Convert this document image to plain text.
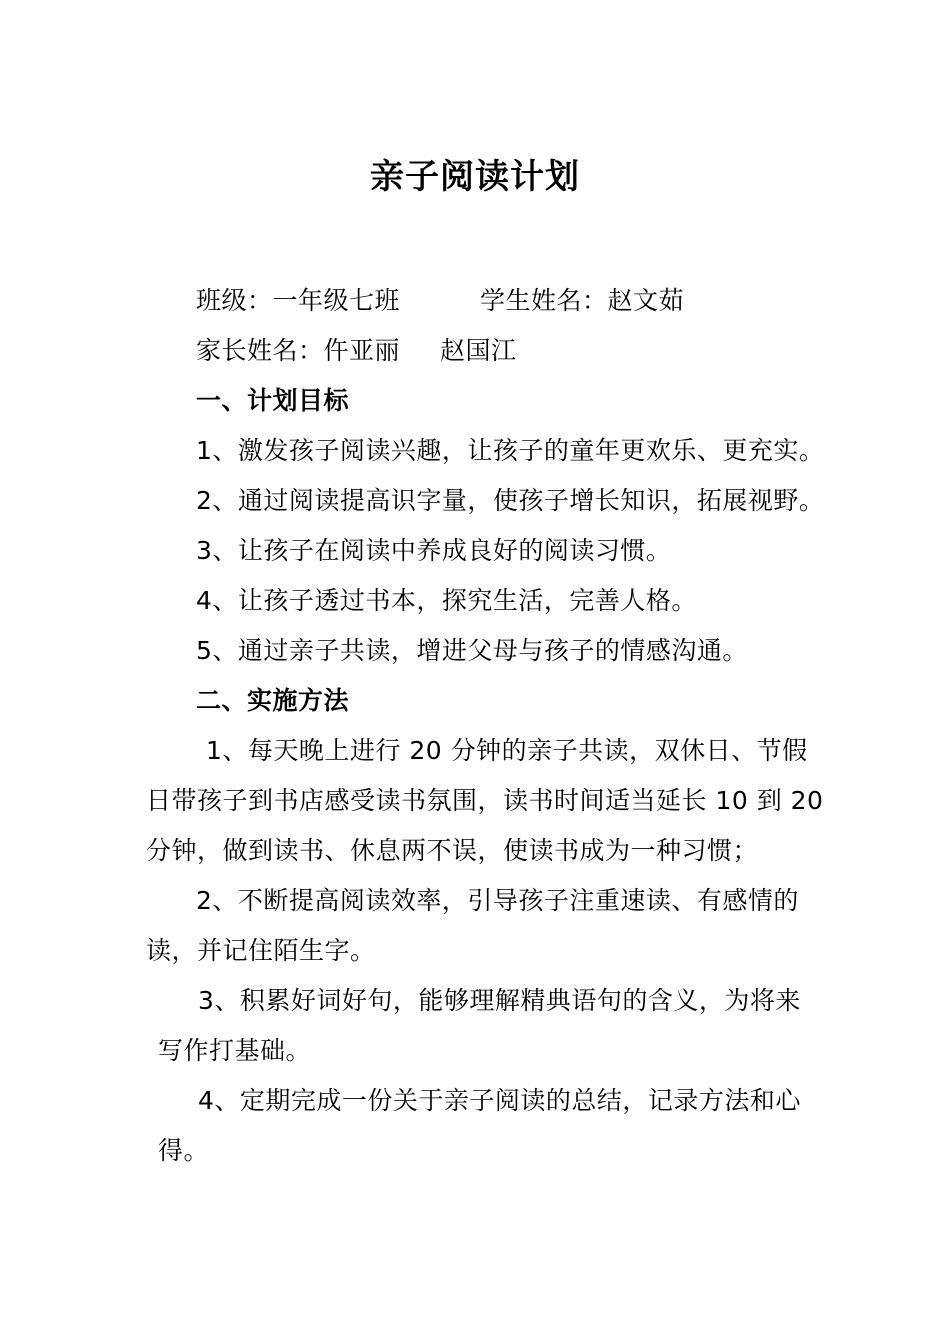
亲子阅读计划
班级：一年级七班	学生姓名：赵文茹
家长姓名：仵亚丽 赵国江
一、计划目标
1、激发孩子阅读兴趣，让孩子的童年更欢乐、更充实。
2、通过阅读提高识字量，使孩子增长知识，拓展视野。
3、让孩子在阅读中养成良好的阅读习惯。
4、让孩子透过书本，探究生活，完善人格。
5、通过亲子共读，增进父母与孩子的情感沟通。
二、实施方法
1、每天晚上进行 20 分钟的亲子共读，双休日、节假
日带孩子到书店感受读书氛围，读书时间适当延长 10 到 20
分钟，做到读书、休息两不误，使读书成为一种习惯；
2、不断提高阅读效率，引导孩子注重速读、有感情的
读，并记住陌生字。
3、积累好词好句，能够理解精典语句的含义，为将来
写作打基础。
4、定期完成一份关于亲子阅读的总结，记录方法和心
得。
